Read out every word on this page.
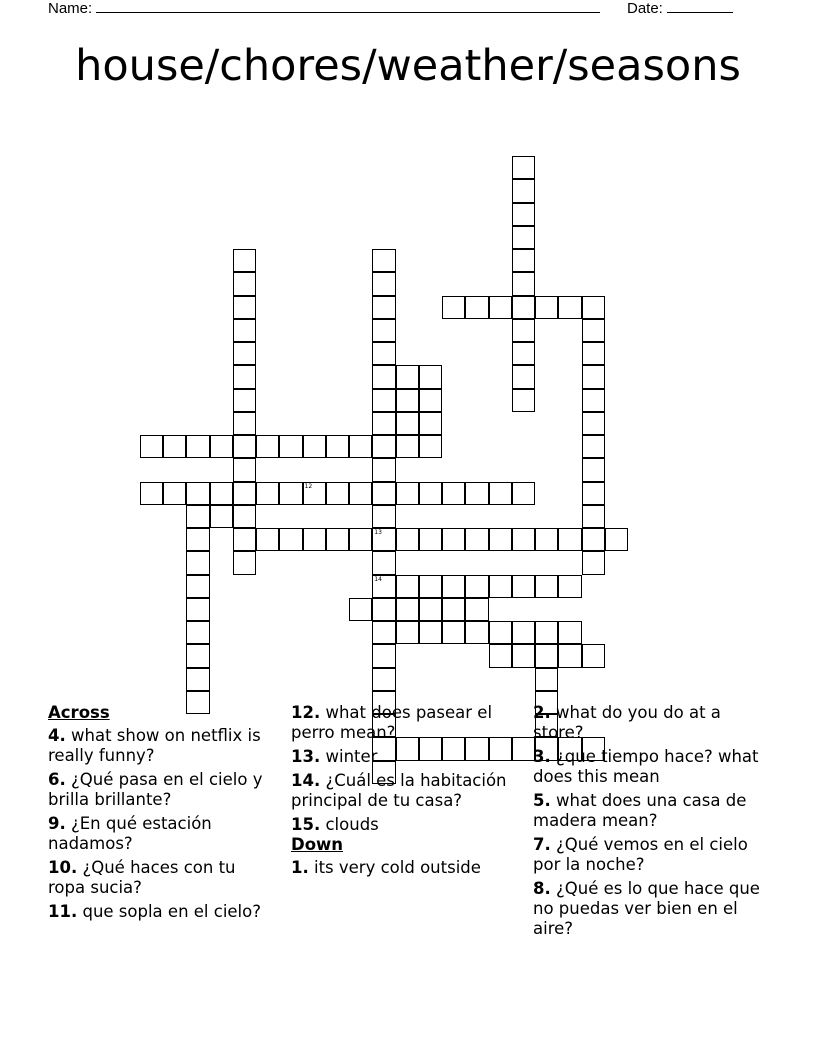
Name:	Date:
house/chores/weather/seasons
13
14
12
Across
4. what show on netflix is really funny?
6. ¿Qué pasa en el cielo y brilla brillante?
9. ¿En qué estación nadamos?
10. ¿Qué haces con tu ropa sucia?
11. que sopla en el cielo?
12. what does pasear el perro mean?
13. winter
14. ¿Cuál es la habitación principal de tu casa?
15. clouds
Down
1. its very cold outside
2. what do you do at a store?
3. ¿que tiempo hace? what does this mean
5. what does una casa de madera mean?
7. ¿Qué vemos en el cielo por la noche?
8. ¿Qué es lo que hace que no puedas ver bien en el aire?
